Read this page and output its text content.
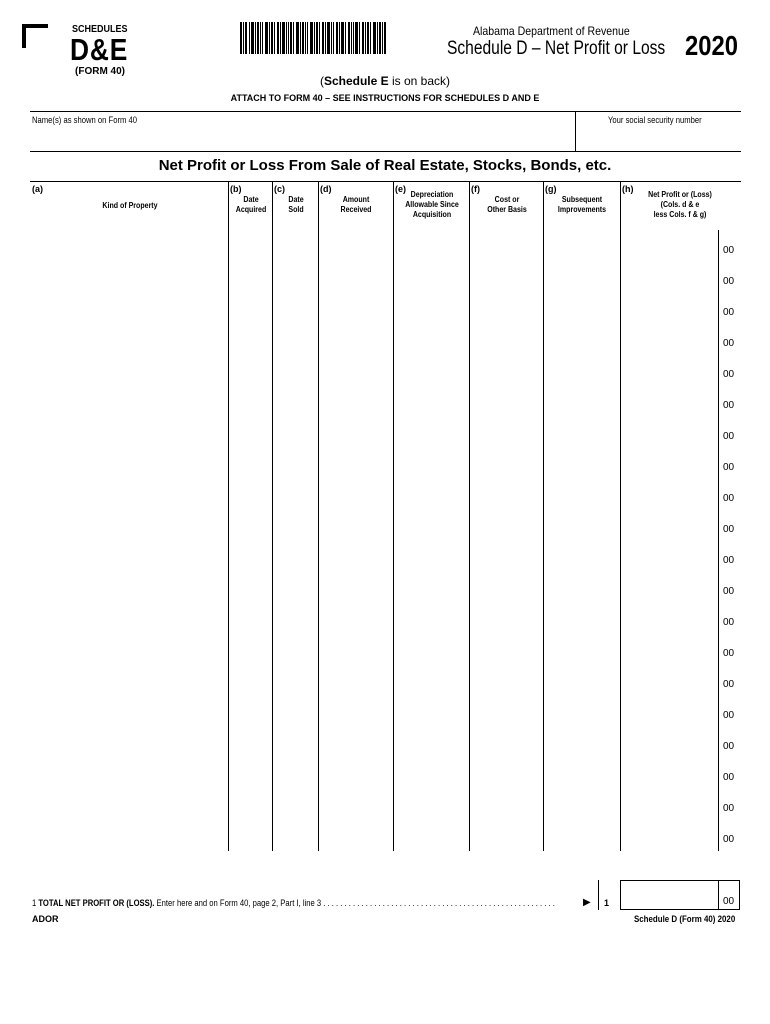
SCHEDULES
D&E
(FORM 40)
Alabama Department of Revenue
Schedule D – Net Profit or Loss 2020
(Schedule E is on back)
ATTACH TO FORM 40 – SEE INSTRUCTIONS FOR SCHEDULES D AND E
Name(s) as shown on Form 40	Your social security number
Net Profit or Loss From Sale of Real Estate, Stocks, Bonds, etc.
(a)
Kind of Property
(b)
Date
Acquired
(c)
Date
Sold
(d)
Amount
Received
(e)
Depreciation
Allowable Since
Acquisition
(f)
Cost or
Other Basis
(g)
Subsequent
Improvements
(h)
Net Profit or (Loss)
(Cols. d & e
less Cols. f & g)
00
00
00
00
00
00
00
00
00
00
00
00
00
00
00
00
00
00
00
00
1 TOTAL NET PROFIT OR (LOSS). Enter here and on Form 40, page 2, Part I, line 3 . . . . . . . . . . . . . . . . . . . . . . . . . . . . . . . . . . . . . . . . . . . . . . . . . . . . . . .	▶ 1	00
ADOR	Schedule D (Form 40) 2020
